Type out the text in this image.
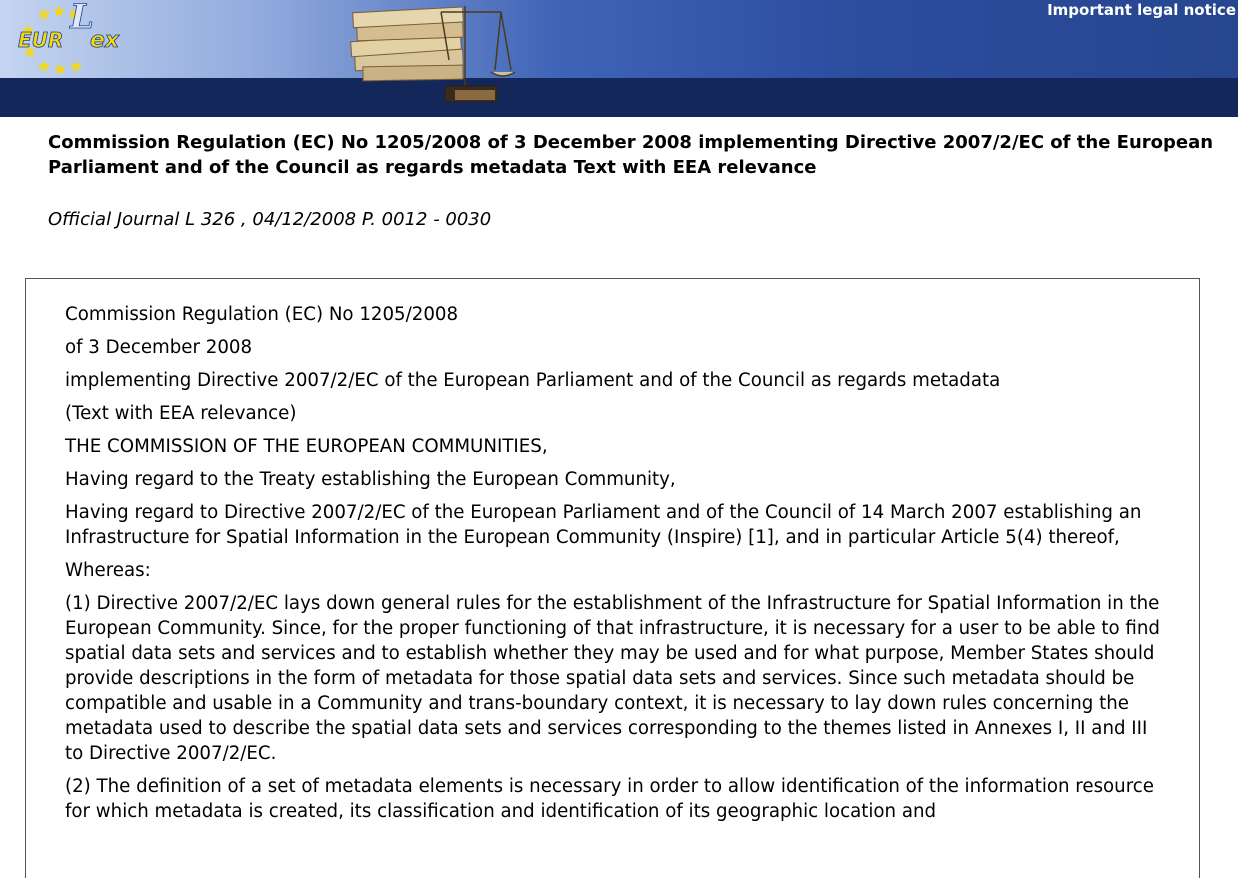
EUR
L
ex
Important legal notice
Commission Regulation (EC) No 1205/2008 of 3 December 2008 implementing Directive 2007/2/EC of the European Parliament and of the Council as regards metadata Text with EEA relevance
Official Journal L 326 , 04/12/2008 P. 0012 - 0030

Commission Regulation (EC) No 1205/2008

of 3 December 2008

implementing Directive 2007/2/EC of the European Parliament and of the Council as regards metadata

(Text with EEA relevance)

THE COMMISSION OF THE EUROPEAN COMMUNITIES,

Having regard to the Treaty establishing the European Community,

Having regard to Directive 2007/2/EC of the European Parliament and of the Council of 14 March 2007 establishing an Infrastructure for Spatial Information in the European Community (Inspire) [1], and in particular Article 5(4) thereof,

Whereas:

(1) Directive 2007/2/EC lays down general rules for the establishment of the Infrastructure for Spatial Information in the European Community. Since, for the proper functioning of that infrastructure, it is necessary for a user to be able to find spatial data sets and services and to establish whether they may be used and for what purpose, Member States should provide descriptions in the form of metadata for those spatial data sets and services. Since such metadata should be compatible and usable in a Community and trans-boundary context, it is necessary to lay down rules concerning the metadata used to describe the spatial data sets and services corresponding to the themes listed in Annexes I, II and III to Directive 2007/2/EC.

(2) The definition of a set of metadata elements is necessary in order to allow identification of the information resource for which metadata is created, its classification and identification of its geographic location and
